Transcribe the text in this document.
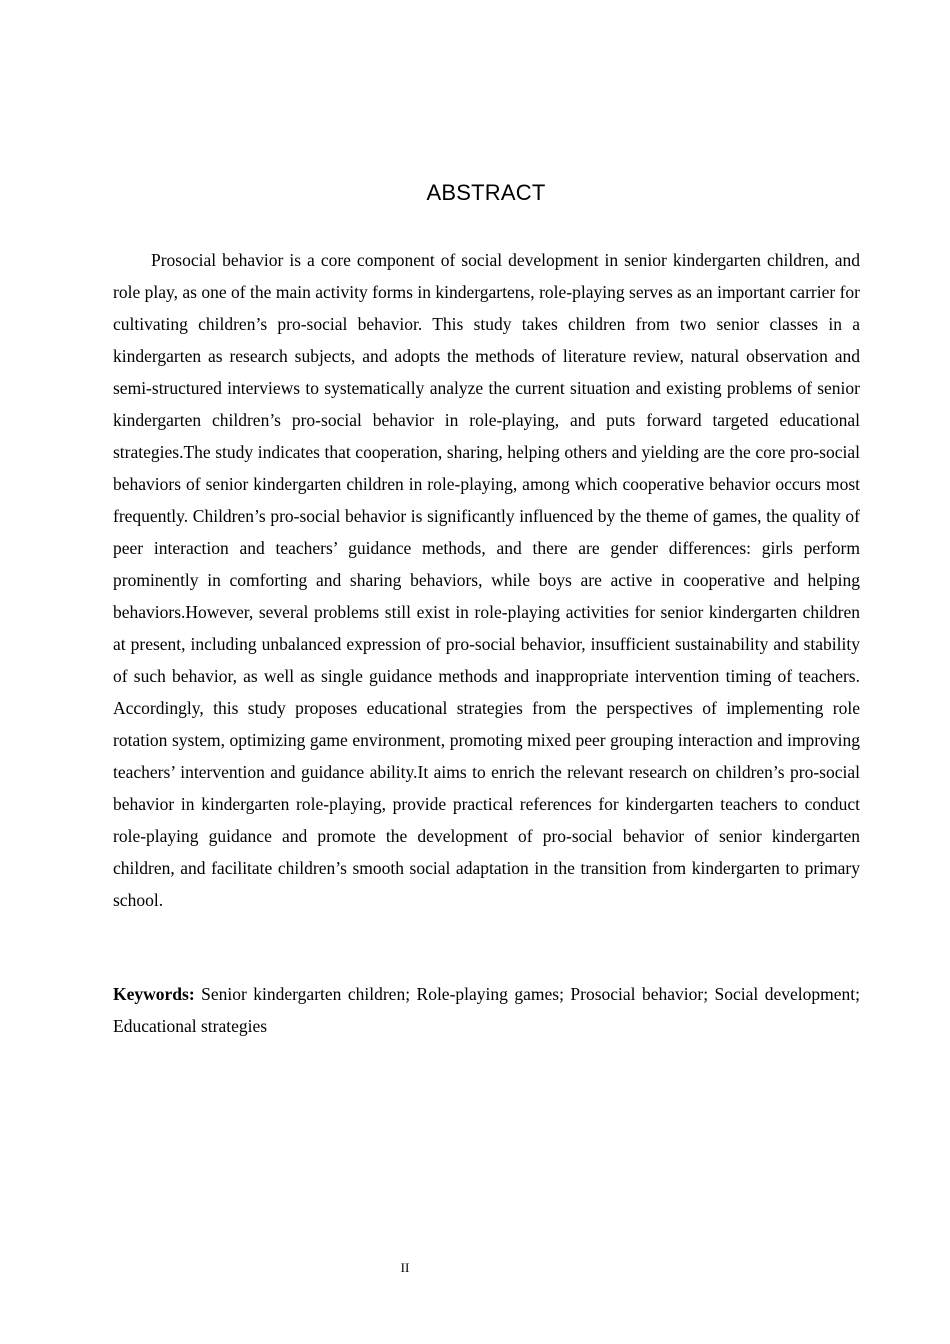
ABSTRACT

Prosocial behavior is a core component of social development in senior kindergarten children, and role play, as one of the main activity forms in kindergartens, role-playing serves as an important carrier for cultivating children’s pro-social behavior. This study takes children from two senior classes in a kindergarten as research subjects, and adopts the methods of literature review, natural observation and semi-structured interviews to systematically analyze the current situation and existing problems of senior kindergarten children’s pro-social behavior in role-playing, and puts forward targeted educational strategies.The study indicates that cooperation, sharing, helping others and yielding are the core pro-social behaviors of senior kindergarten children in role-playing, among which cooperative behavior occurs most frequently. Children’s pro-social behavior is significantly influenced by the theme of games, the quality of peer interaction and teachers’ guidance methods, and there are gender differences: girls perform prominently in comforting and sharing behaviors, while boys are active in cooperative and helping behaviors.However, several problems still exist in role-playing activities for senior kindergarten children at present, including unbalanced expression of pro-social behavior, insufficient sustainability and stability of such behavior, as well as single guidance methods and inappropriate intervention timing of teachers. Accordingly, this study proposes educational strategies from the perspectives of implementing role rotation system, optimizing game environment, promoting mixed peer grouping interaction and improving teachers’ intervention and guidance ability.It aims to enrich the relevant research on children’s pro-social behavior in kindergarten role-playing, provide practical references for kindergarten teachers to conduct role-playing guidance and promote the development of pro-social behavior of senior kindergarten children, and facilitate children’s smooth social adaptation in the transition from kindergarten to primary school.

Keywords: Senior kindergarten children; Role-playing games; Prosocial behavior; Social development; Educational strategies

II
